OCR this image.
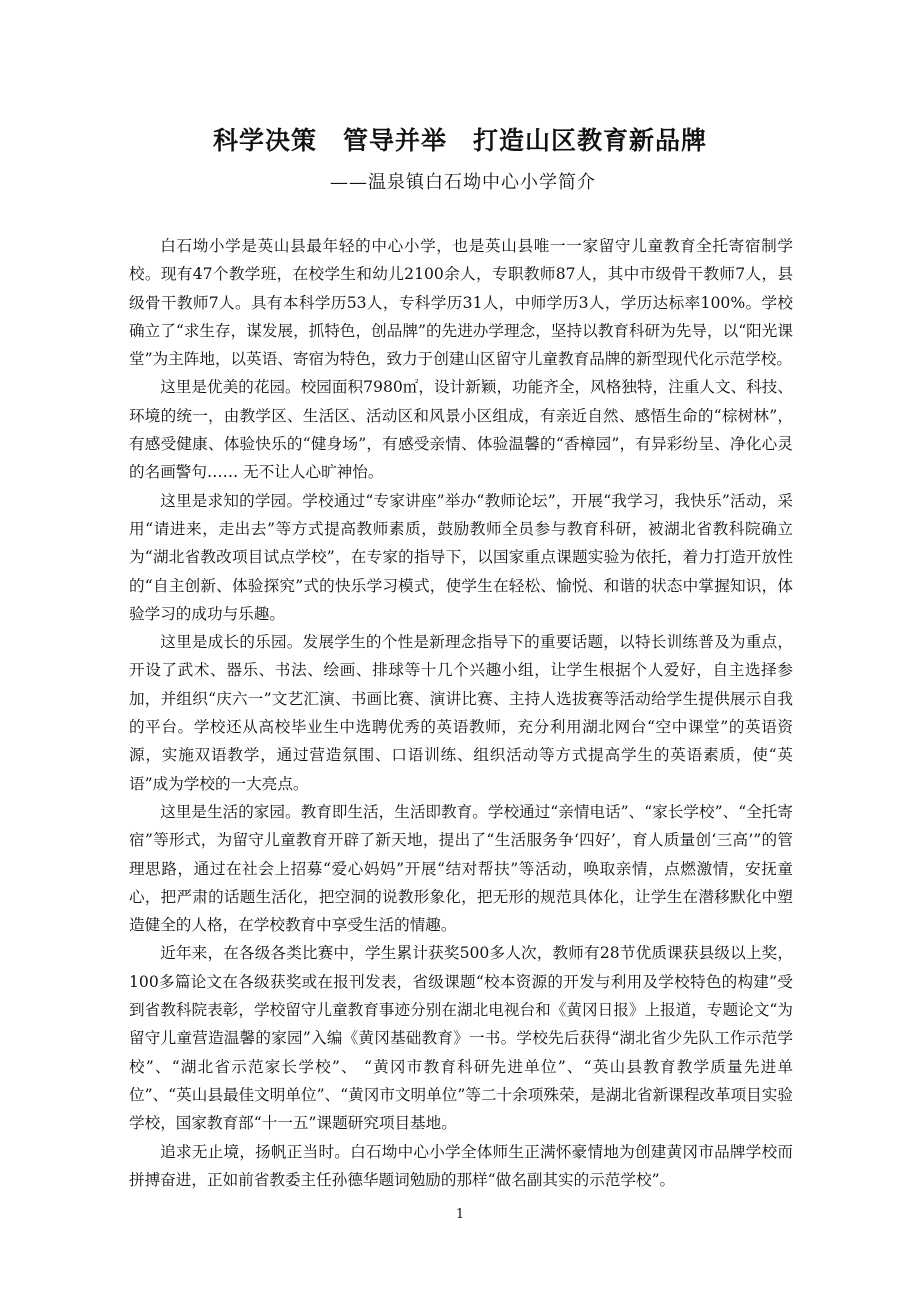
科学决策　管导并举　打造山区教育新品牌
——温泉镇白石坳中心小学简介

白石坳小学是英山县最年轻的中心小学，也是英山县唯一一家留守儿童教育全托寄宿制学校。现有47个教学班，在校学生和幼儿2100余人，专职教师87人，其中市级骨干教师7人，县级骨干教师7人。具有本科学历53人，专科学历31人，中师学历3人，学历达标率100%。学校确立了“求生存，谋发展，抓特色，创品牌”的先进办学理念，坚持以教育科研为先导，以“阳光课堂”为主阵地，以英语、寄宿为特色，致力于创建山区留守儿童教育品牌的新型现代化示范学校。

这里是优美的花园。校园面积7980㎡，设计新颖，功能齐全，风格独特，注重人文、科技、环境的统一，由教学区、生活区、活动区和风景小区组成，有亲近自然、感悟生命的“棕树林”，有感受健康、体验快乐的“健身场”，有感受亲情、体验温馨的“香樟园”，有异彩纷呈、净化心灵的名画警句…… 无不让人心旷神怡。

这里是求知的学园。学校通过“专家讲座”举办“教师论坛”，开展“我学习，我快乐”活动，采用“请进来，走出去”等方式提高教师素质，鼓励教师全员参与教育科研，被湖北省教科院确立为“湖北省教改项目试点学校”，在专家的指导下，以国家重点课题实验为依托，着力打造开放性的“自主创新、体验探究”式的快乐学习模式，使学生在轻松、愉悦、和谐的状态中掌握知识，体验学习的成功与乐趣。

这里是成长的乐园。发展学生的个性是新理念指导下的重要话题，以特长训练普及为重点，开设了武术、器乐、书法、绘画、排球等十几个兴趣小组，让学生根据个人爱好，自主选择参加，并组织“庆六一”文艺汇演、书画比赛、演讲比赛、主持人选拔赛等活动给学生提供展示自我的平台。学校还从高校毕业生中选聘优秀的英语教师，充分利用湖北网台“空中课堂”的英语资源，实施双语教学，通过营造氛围、口语训练、组织活动等方式提高学生的英语素质，使“英语”成为学校的一大亮点。

这里是生活的家园。教育即生活，生活即教育。学校通过“亲情电话”、“家长学校”、“全托寄宿”等形式，为留守儿童教育开辟了新天地，提出了“生活服务争‘四好’，育人质量创‘三高’”的管理思路，通过在社会上招募“爱心妈妈”开展“结对帮扶”等活动，唤取亲情，点燃激情，安抚童心，把严肃的话题生活化，把空洞的说教形象化，把无形的规范具体化，让学生在潜移默化中塑造健全的人格，在学校教育中享受生活的情趣。

近年来，在各级各类比赛中，学生累计获奖500多人次，教师有28节优质课获县级以上奖，100多篇论文在各级获奖或在报刊发表，省级课题“校本资源的开发与利用及学校特色的构建”受到省教科院表彰，学校留守儿童教育事迹分别在湖北电视台和《黄冈日报》上报道，专题论文“为留守儿童营造温馨的家园”入编《黄冈基础教育》一书。学校先后获得“湖北省少先队工作示范学校”、“湖北省示范家长学校”、 “黄冈市教育科研先进单位”、“英山县教育教学质量先进单位”、“英山县最佳文明单位”、“黄冈市文明单位”等二十余项殊荣，是湖北省新课程改革项目实验学校，国家教育部“十一五”课题研究项目基地。

追求无止境，扬帆正当时。白石坳中心小学全体师生正满怀豪情地为创建黄冈市品牌学校而拼搏奋进，正如前省教委主任孙德华题词勉励的那样“做名副其实的示范学校”。

1
